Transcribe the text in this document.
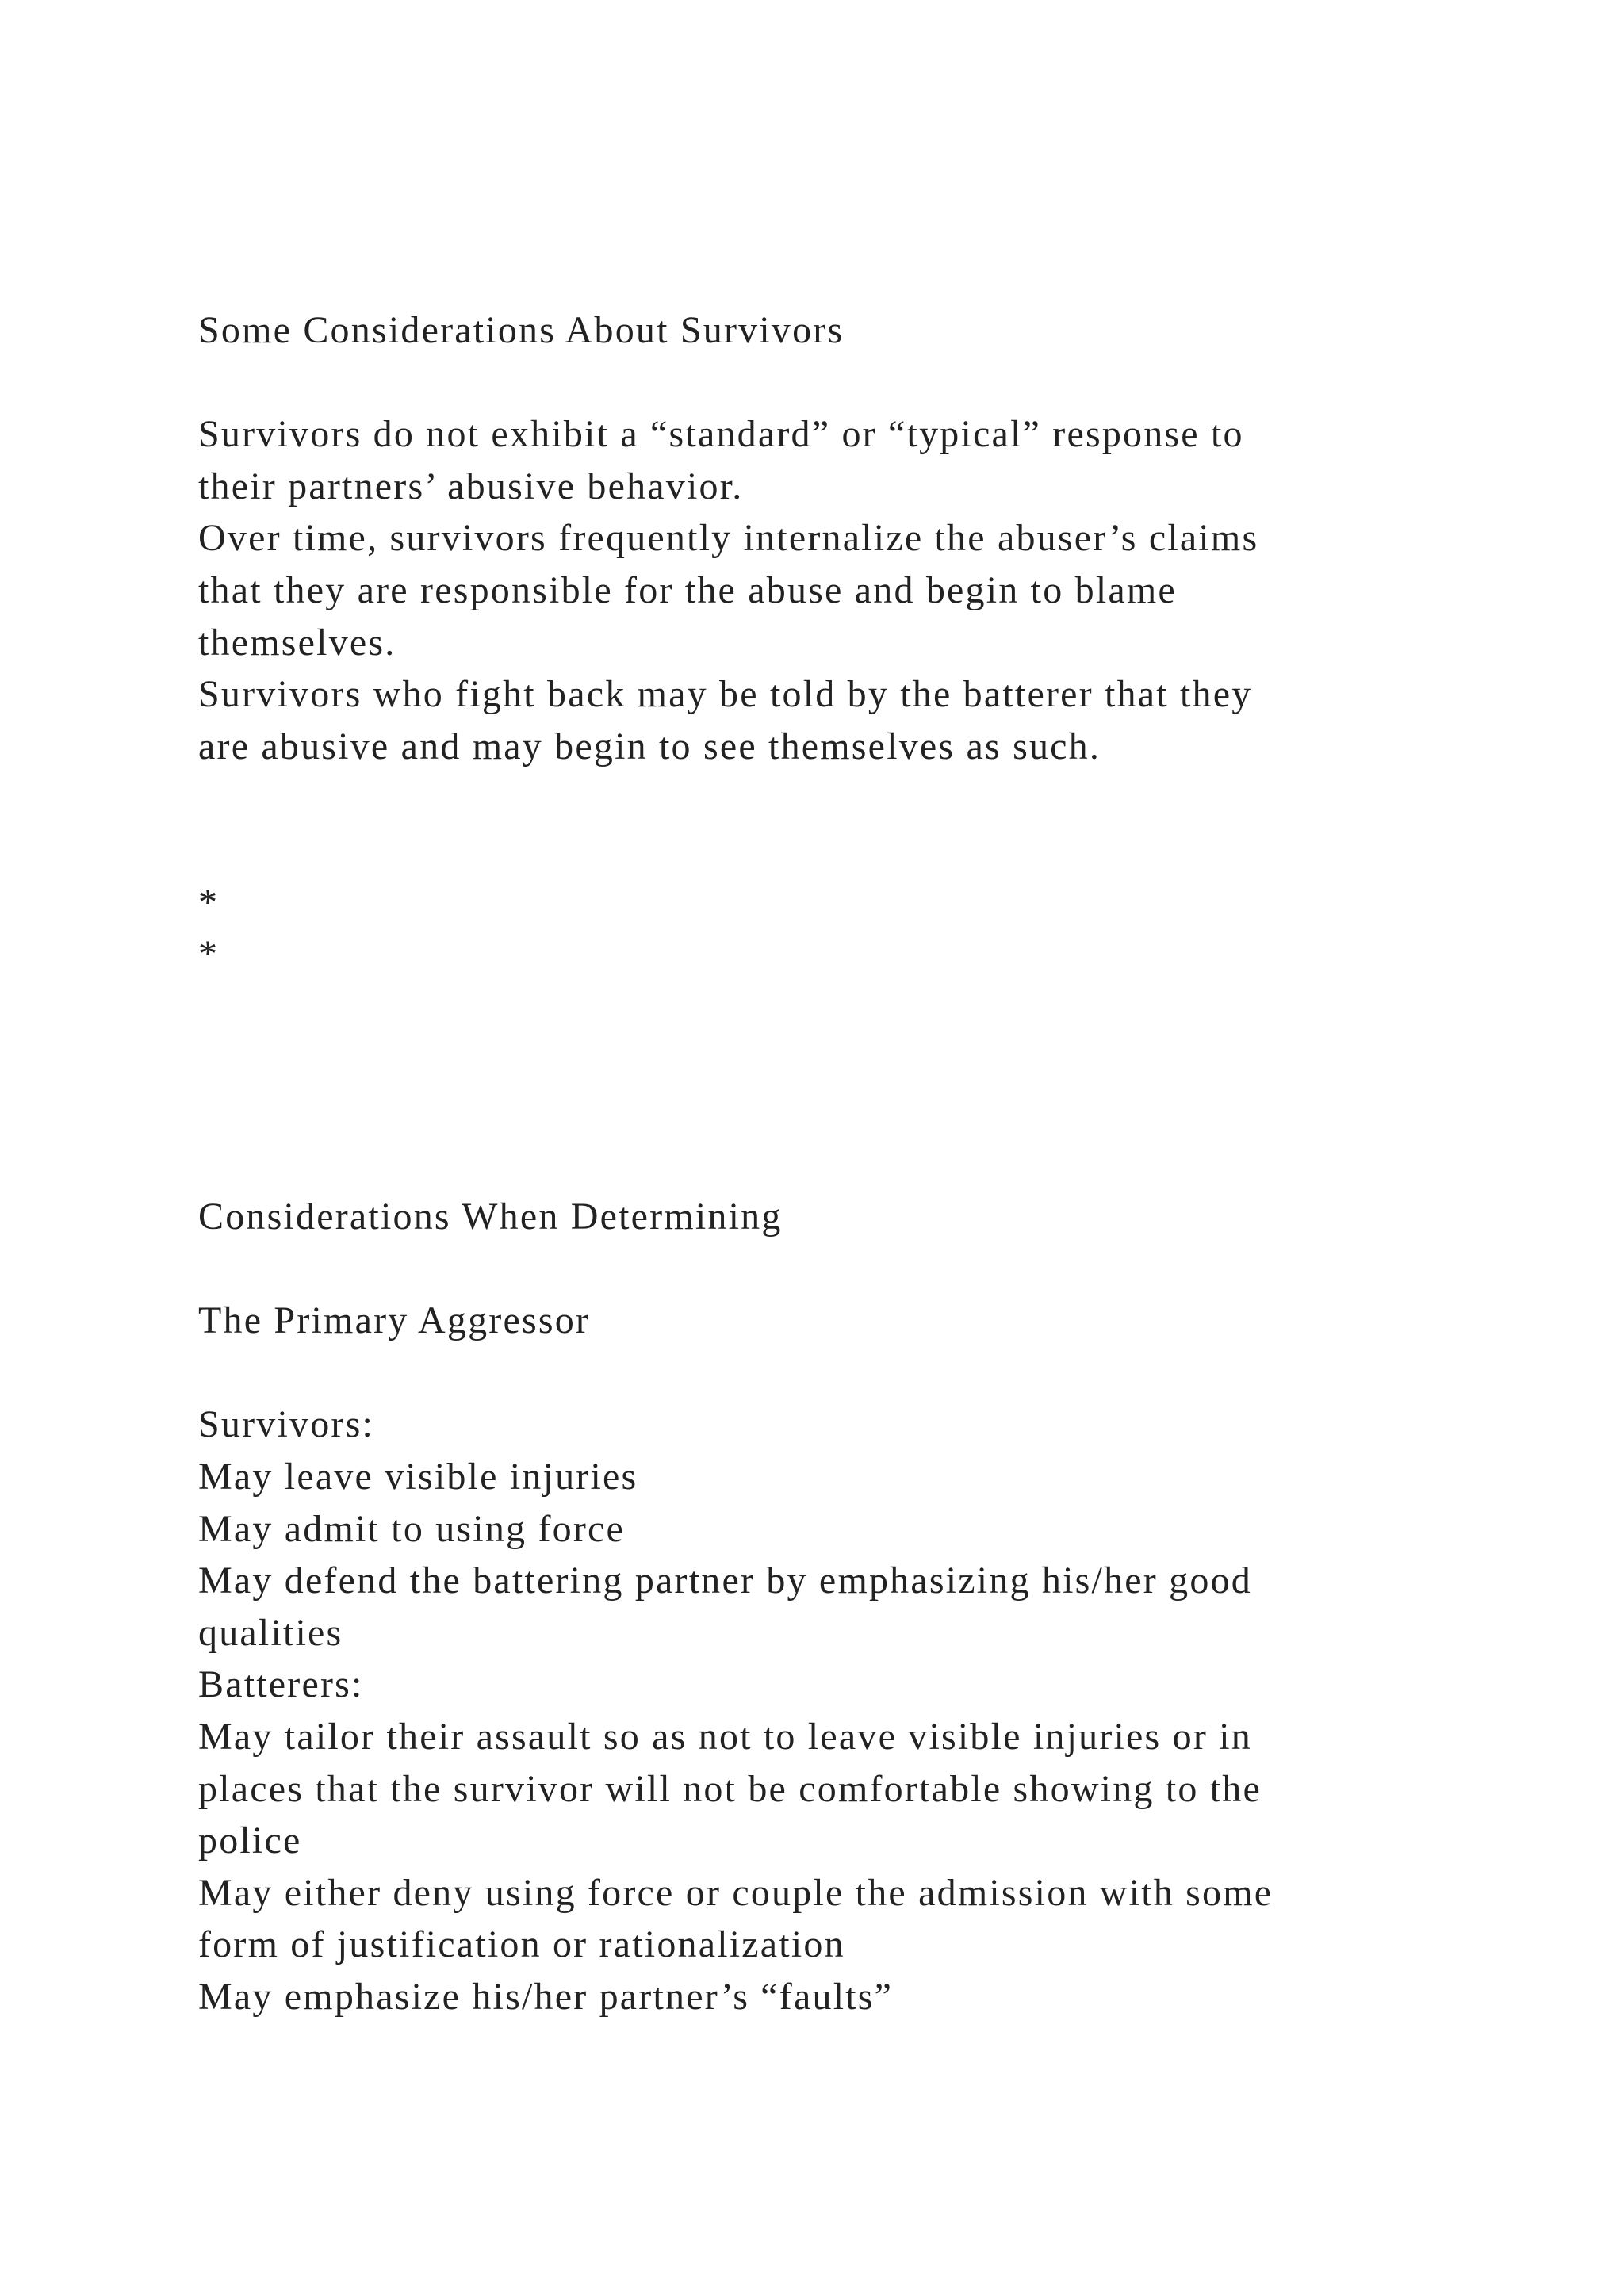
Some Considerations About Survivors

Survivors do not exhibit a “standard” or “typical” response to

their partners’ abusive behavior.

Over time, survivors frequently internalize the abuser’s claims

that they are responsible for the abuse and begin to blame

themselves.

Survivors who fight back may be told by the batterer that they

are abusive and may begin to see themselves as such.

*

*

Considerations When Determining

The Primary Aggressor

Survivors:

May leave visible injuries

May admit to using force

May defend the battering partner by emphasizing his/her good

qualities

Batterers:

May tailor their assault so as not to leave visible injuries or in

places that the survivor will not be comfortable showing to the

police

May either deny using force or couple the admission with some

form of justification or rationalization

May emphasize his/her partner’s “faults”
